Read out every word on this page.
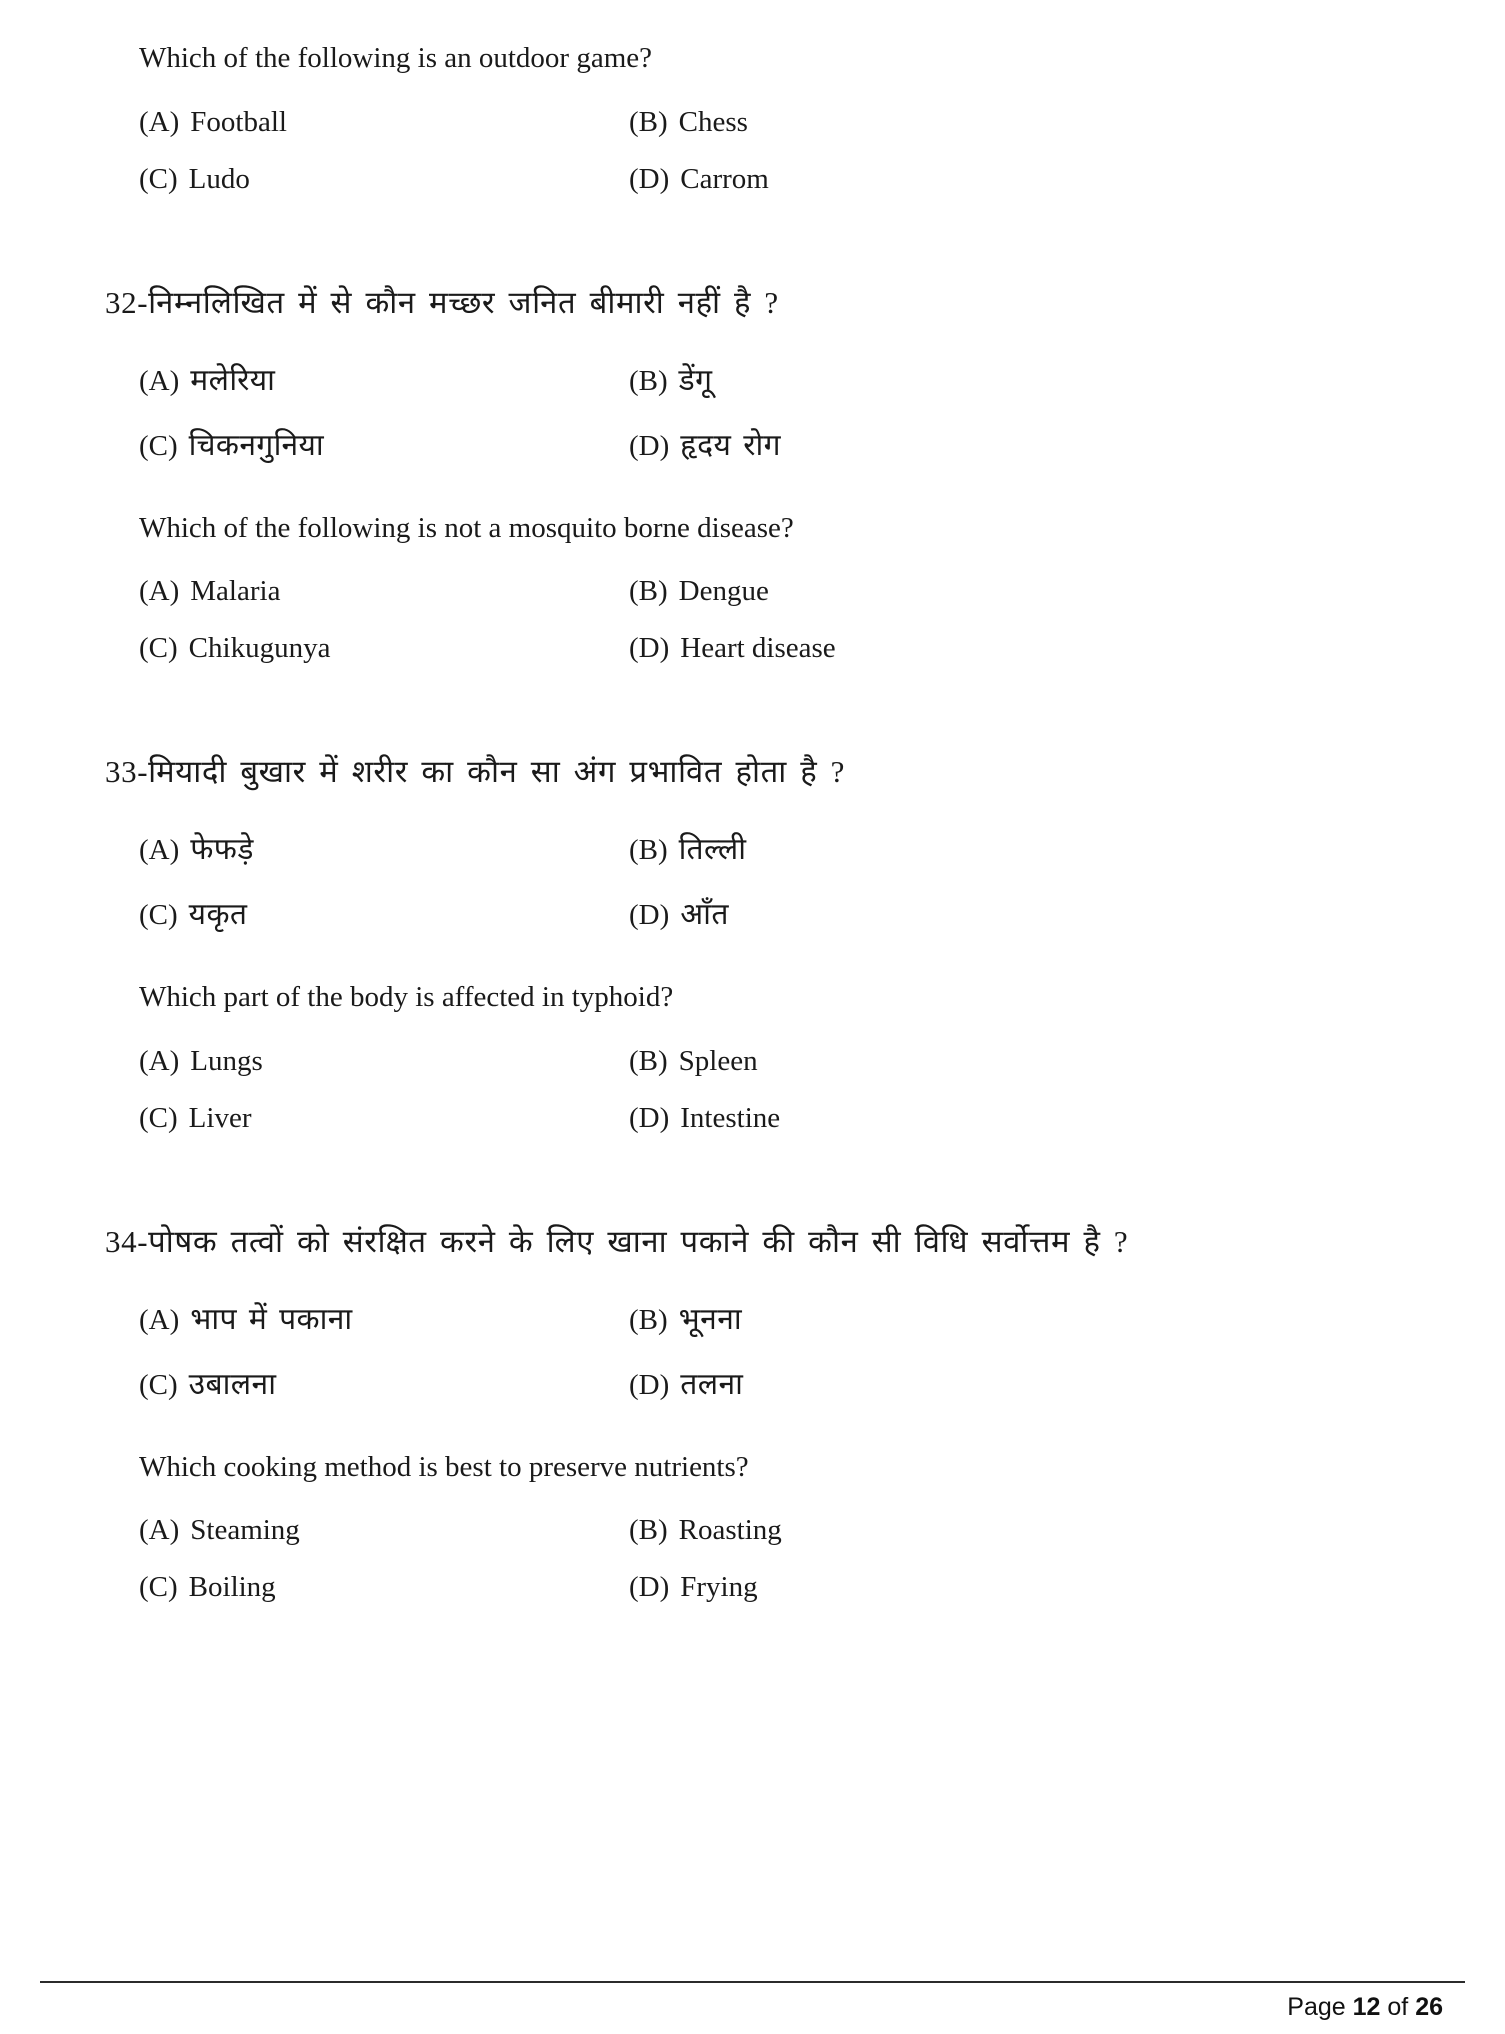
Which of the following is an outdoor game?
(A) Football	(B) Chess
(C) Ludo	(D) Carrom
32-निम्नलिखित में से कौन मच्छर जनित बीमारी नहीं है ?
(A) मलेरिया	(B) डेंगू
(C) चिकनगुनिया	(D) हृदय रोग
Which of the following is not a mosquito borne disease?
(A) Malaria	(B) Dengue
(C) Chikugunya	(D) Heart disease
33-मियादी बुखार में शरीर का कौन सा अंग प्रभावित होता है ?
(A) फेफड़े	(B) तिल्ली
(C) यकृत	(D) आँत
Which part of the body is affected in typhoid?
(A) Lungs	(B) Spleen
(C) Liver	(D) Intestine
34-पोषक तत्वों को संरक्षित करने के लिए खाना पकाने की कौन सी विधि सर्वोत्तम है ?
(A) भाप में पकाना	(B) भूनना
(C) उबालना	(D) तलना
Which cooking method is best to preserve nutrients?
(A) Steaming	(B) Roasting
(C) Boiling	(D) Frying
Page 12 of 26
